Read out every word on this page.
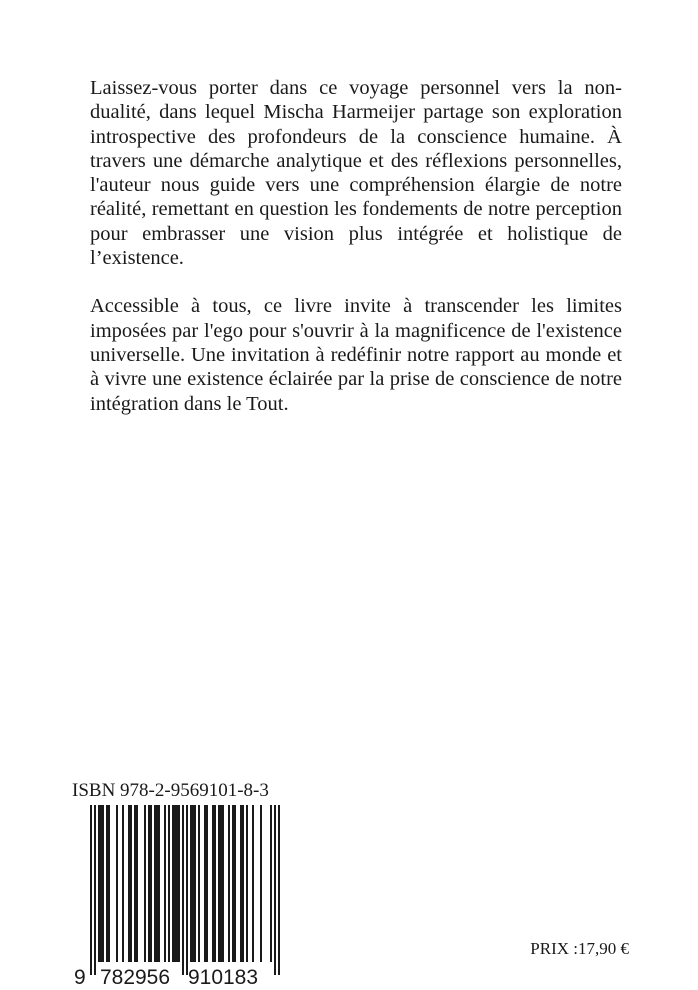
Laissez-vous porter dans ce voyage personnel vers la non-dualité, dans lequel Mischa Harmeijer partage son exploration introspective des profondeurs de la conscience humaine. À travers une démarche analytique et des réflexions personnelles, l'auteur nous guide vers une compréhension élargie de notre réalité, remettant en question les fondements de notre perception pour embrasser une vision plus intégrée et holistique de l’existence.

Accessible à tous, ce livre invite à transcender les limites imposées par l'ego pour s'ouvrir à la magnificence de l'existence universelle. Une invitation à redéfinir notre rapport au monde et à vivre une existence éclairée par la prise de conscience de notre intégration dans le Tout.

ISBN 978-2-9569101-8-3
9 782956 910183
PRIX :17,90 €
